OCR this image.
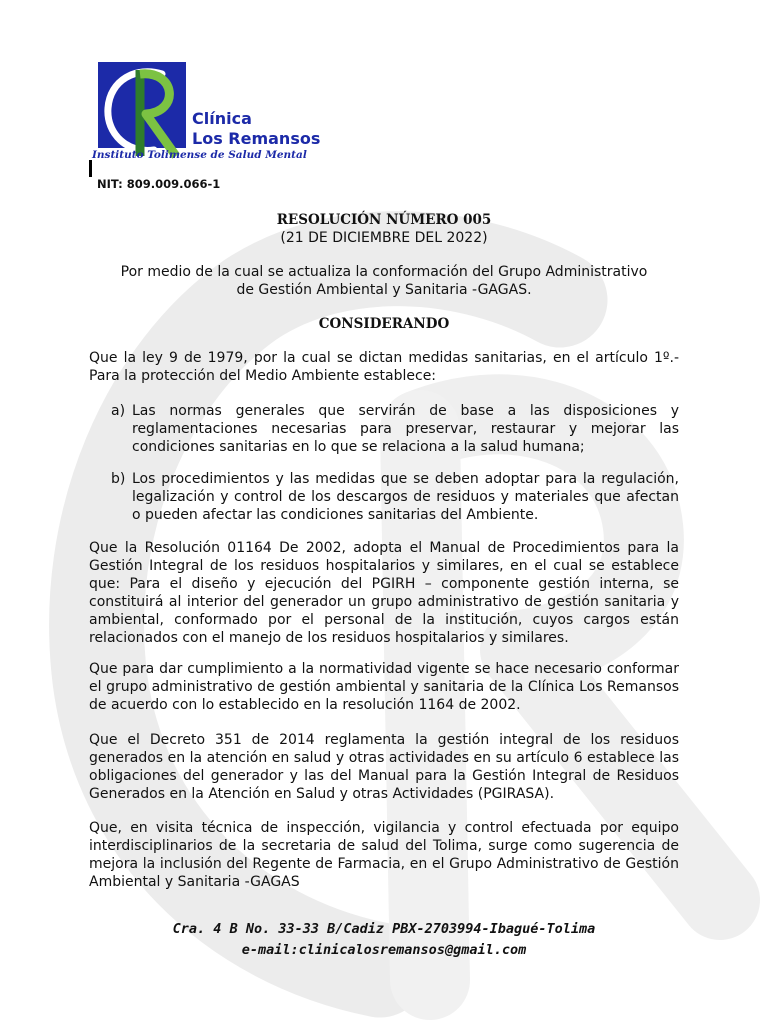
Clínica
Los Remansos
Instituto Tolimense de Salud Mental
NIT: 809.009.066-1
RESOLUCIÓN NÚMERO 005
(21 DE DICIEMBRE DEL 2022)
Por medio de la cual se actualiza la conformación del Grupo Administrativo de Gestión Ambiental y Sanitaria -GAGAS.
CONSIDERANDO

Que la ley 9 de 1979, por la cual se dictan medidas sanitarias, en el artículo 1º.- Para la protección del Medio Ambiente establece:

a) Las normas generales que servirán de base a las disposiciones y reglamentaciones necesarias para preservar, restaurar y mejorar las condiciones sanitarias en lo que se relaciona a la salud humana;
b) Los procedimientos y las medidas que se deben adoptar para la regulación, legalización y control de los descargos de residuos y materiales que afectan o pueden afectar las condiciones sanitarias del Ambiente.

Que la Resolución 01164 De 2002, adopta el Manual de Procedimientos para la Gestión Integral de los residuos hospitalarios y similares, en el cual se establece que: Para el diseño y ejecución del PGIRH – componente gestión interna, se constituirá al interior del generador un grupo administrativo de gestión sanitaria y ambiental, conformado por el personal de la institución, cuyos cargos están relacionados con el manejo de los residuos hospitalarios y similares.

Que para dar cumplimiento a la normatividad vigente se hace necesario conformar el grupo administrativo de gestión ambiental y sanitaria de la Clínica Los Remansos de acuerdo con lo establecido en la resolución 1164 de 2002.

Que el Decreto 351 de 2014 reglamenta la gestión integral de los residuos generados en la atención en salud y otras actividades en su artículo 6 establece las obligaciones del generador y las del Manual para la Gestión Integral de Residuos Generados en la Atención en Salud y otras Actividades (PGIRASA).

Que, en visita técnica de inspección, vigilancia y control efectuada por equipo interdisciplinarios de la secretaria de salud del Tolima, surge como sugerencia de mejora la inclusión del Regente de Farmacia, en el Grupo Administrativo de Gestión Ambiental y Sanitaria -GAGAS

Cra. 4 B No. 33-33 B/Cadiz PBX-2703994-Ibagué-Tolima
e-mail:clinicalosremansos@gmail.com
